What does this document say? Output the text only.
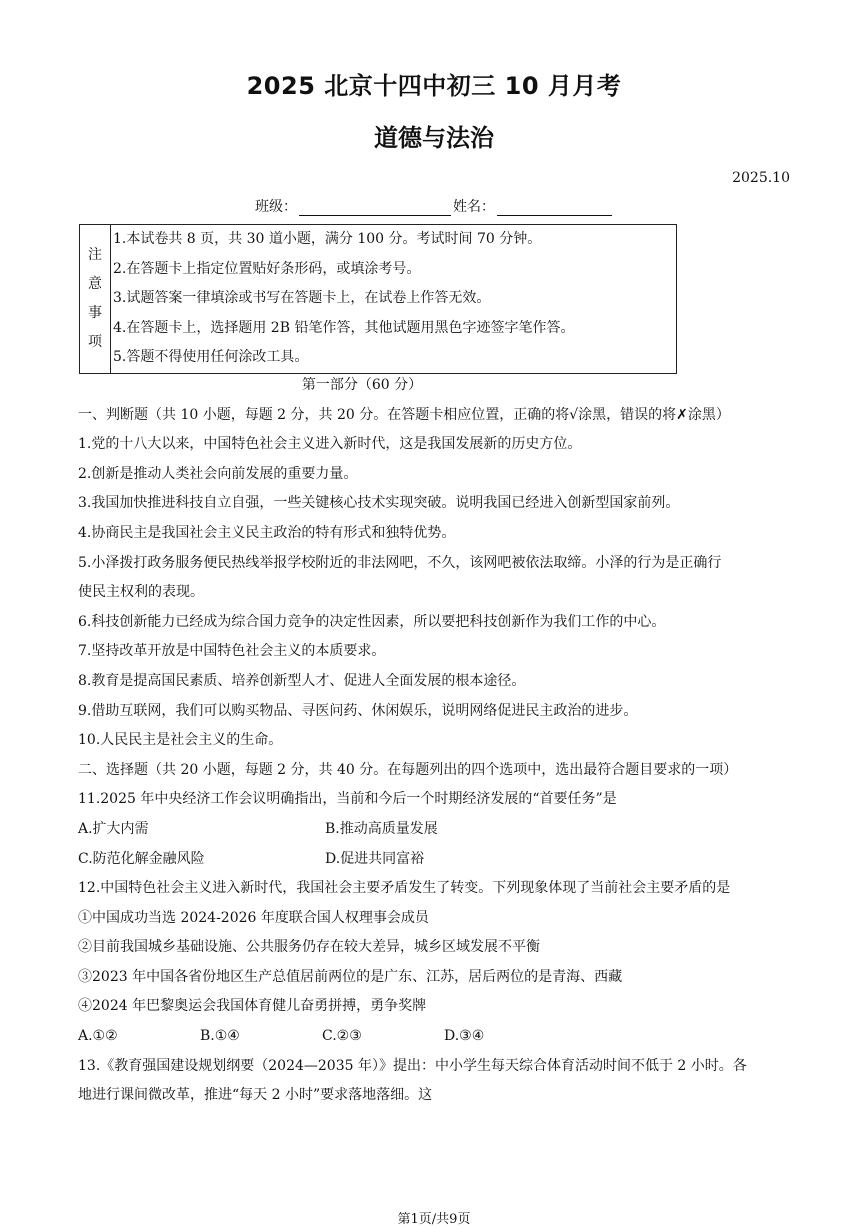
2025 北京十四中初三 10 月月考
道德与法治
2025.10
班级：	姓名：
注
意
事
项
1.本试卷共 8 页，共 30 道小题，满分 100 分。考试时间 70 分钟。
2.在答题卡上指定位置贴好条形码，或填涂考号。
3.试题答案一律填涂或书写在答题卡上，在试卷上作答无效。
4.在答题卡上，选择题用 2B 铅笔作答，其他试题用黑色字迹签字笔作答。
5.答题不得使用任何涂改工具。
第一部分（60 分）
一、判断题（共 10 小题，每题 2 分，共 20 分。在答题卡相应位置，正确的将√涂黑，错误的将✗涂黑）
1.党的十八大以来，中国特色社会主义进入新时代，这是我国发展新的历史方位。
2.创新是推动人类社会向前发展的重要力量。
3.我国加快推进科技自立自强，一些关键核心技术实现突破。说明我国已经进入创新型国家前列。
4.协商民主是我国社会主义民主政治的特有形式和独特优势。
5.小泽拨打政务服务便民热线举报学校附近的非法网吧，不久，该网吧被依法取缔。小泽的行为是正确行
使民主权利的表现。
6.科技创新能力已经成为综合国力竞争的决定性因素，所以要把科技创新作为我们工作的中心。
7.坚持改革开放是中国特色社会主义的本质要求。
8.教育是提高国民素质、培养创新型人才、促进人全面发展的根本途径。
9.借助互联网，我们可以购买物品、寻医问药、休闲娱乐，说明网络促进民主政治的进步。
10.人民民主是社会主义的生命。
二、选择题（共 20 小题，每题 2 分，共 40 分。在每题列出的四个选项中，选出最符合题目要求的一项）
11.2025 年中央经济工作会议明确指出，当前和今后一个时期经济发展的“首要任务”是
A.扩大内需	B.推动高质量发展
C.防范化解金融风险	D.促进共同富裕
12.中国特色社会主义进入新时代，我国社会主要矛盾发生了转变。下列现象体现了当前社会主要矛盾的是
①中国成功当选 2024-2026 年度联合国人权理事会成员
②目前我国城乡基础设施、公共服务仍存在较大差异，城乡区域发展不平衡
③2023 年中国各省份地区生产总值居前两位的是广东、江苏，居后两位的是青海、西藏
④2024 年巴黎奥运会我国体育健儿奋勇拼搏，勇争奖牌
A.①②	B.①④	C.②③	D.③④
13.《教育强国建设规划纲要（2024—2035 年）》提出：中小学生每天综合体育活动时间不低于 2 小时。各
地进行课间微改革，推进“每天 2 小时”要求落地落细。这
第1页/共9页
